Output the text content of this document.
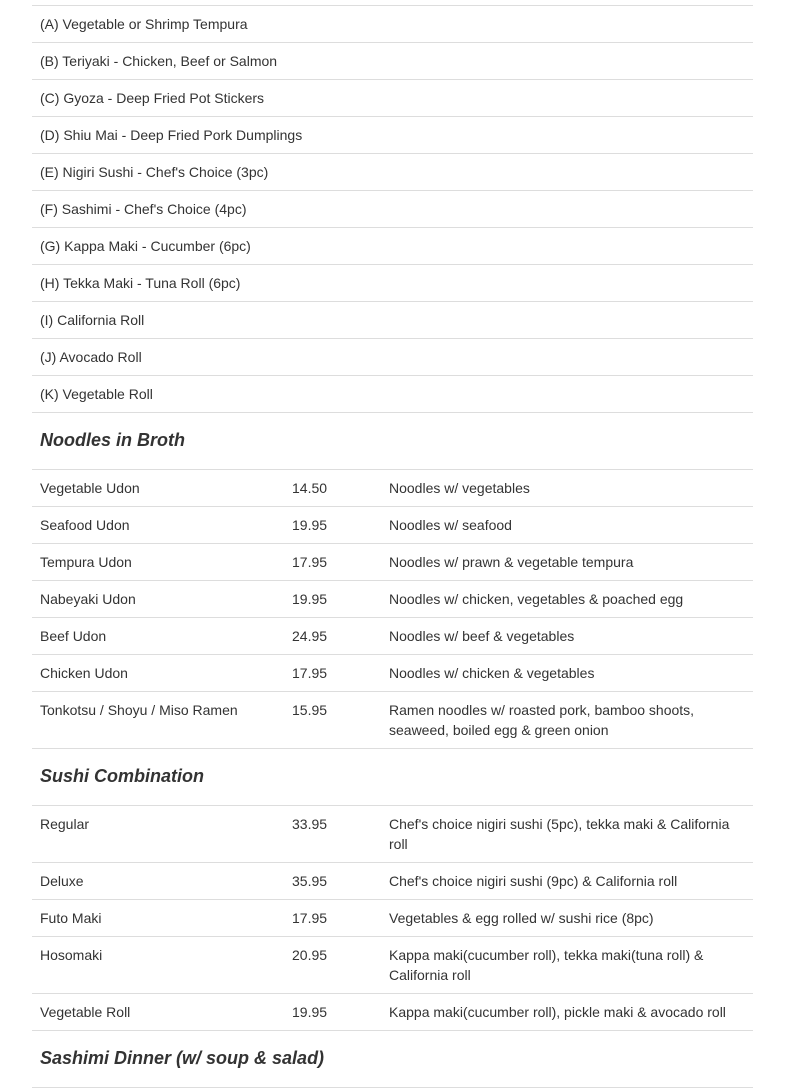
(A) Vegetable or Shrimp Tempura
(B) Teriyaki - Chicken, Beef or Salmon
(C) Gyoza - Deep Fried Pot Stickers
(D) Shiu Mai - Deep Fried Pork Dumplings
(E) Nigiri Sushi - Chef's Choice (3pc)
(F) Sashimi - Chef's Choice (4pc)
(G) Kappa Maki - Cucumber (6pc)
(H) Tekka Maki - Tuna Roll (6pc)
(I) California Roll
(J) Avocado Roll
(K) Vegetable Roll
Noodles in Broth
Vegetable Udon	14.50	Noodles w/ vegetables
Seafood Udon	19.95	Noodles w/ seafood
Tempura Udon	17.95	Noodles w/ prawn & vegetable tempura
Nabeyaki Udon	19.95	Noodles w/ chicken, vegetables & poached egg
Beef Udon	24.95	Noodles w/ beef & vegetables
Chicken Udon	17.95	Noodles w/ chicken & vegetables
Tonkotsu / Shoyu / Miso Ramen	15.95	Ramen noodles w/ roasted pork, bamboo shoots, seaweed, boiled egg & green onion
Sushi Combination
Regular	33.95	Chef's choice nigiri sushi (5pc), tekka maki & California roll
Deluxe	35.95	Chef's choice nigiri sushi (9pc) & California roll
Futo Maki	17.95	Vegetables & egg rolled w/ sushi rice (8pc)
Hosomaki	20.95	Kappa maki(cucumber roll), tekka maki(tuna roll) & California roll
Vegetable Roll	19.95	Kappa maki(cucumber roll), pickle maki & avocado roll
Sashimi Dinner (w/ soup & salad)
